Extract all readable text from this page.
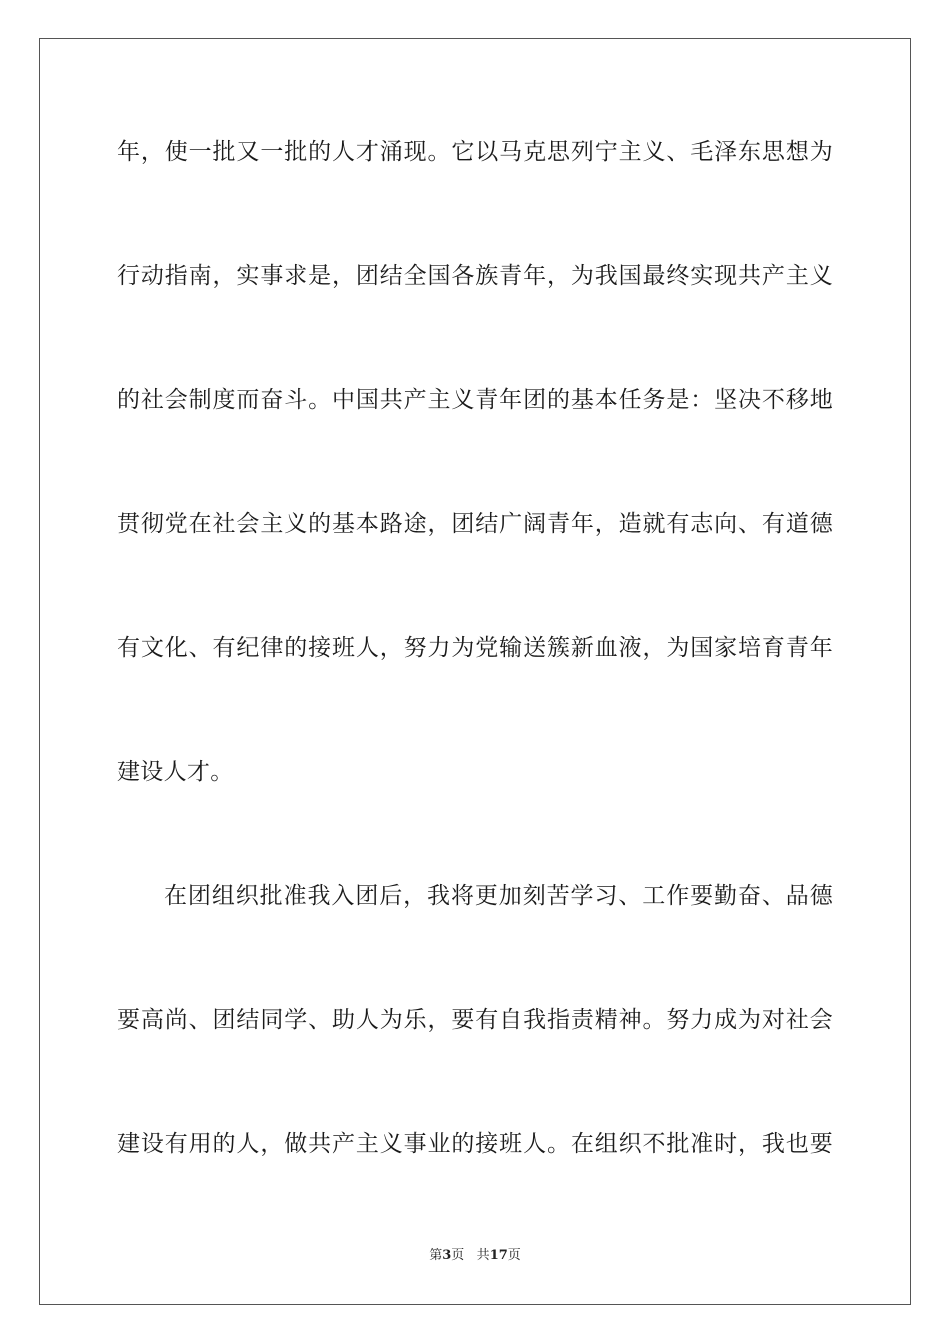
年，使一批又一批的人才涌现。它以马克思列宁主义、毛泽东思想为
行动指南，实事求是，团结全国各族青年，为我国最终实现共产主义
的社会制度而奋斗。中国共产主义青年团的基本任务是：坚决不移地
贯彻党在社会主义的基本路途，团结广阔青年，造就有志向、有道德
有文化、有纪律的接班人，努力为党输送簇新血液，为国家培育青年
建设人才。
在团组织批准我入团后，我将更加刻苦学习、工作要勤奋、品德
要高尚、团结同学、助人为乐，要有自我指责精神。努力成为对社会
建设有用的人，做共产主义事业的接班人。在组织不批准时，我也要
第3页 共17页
